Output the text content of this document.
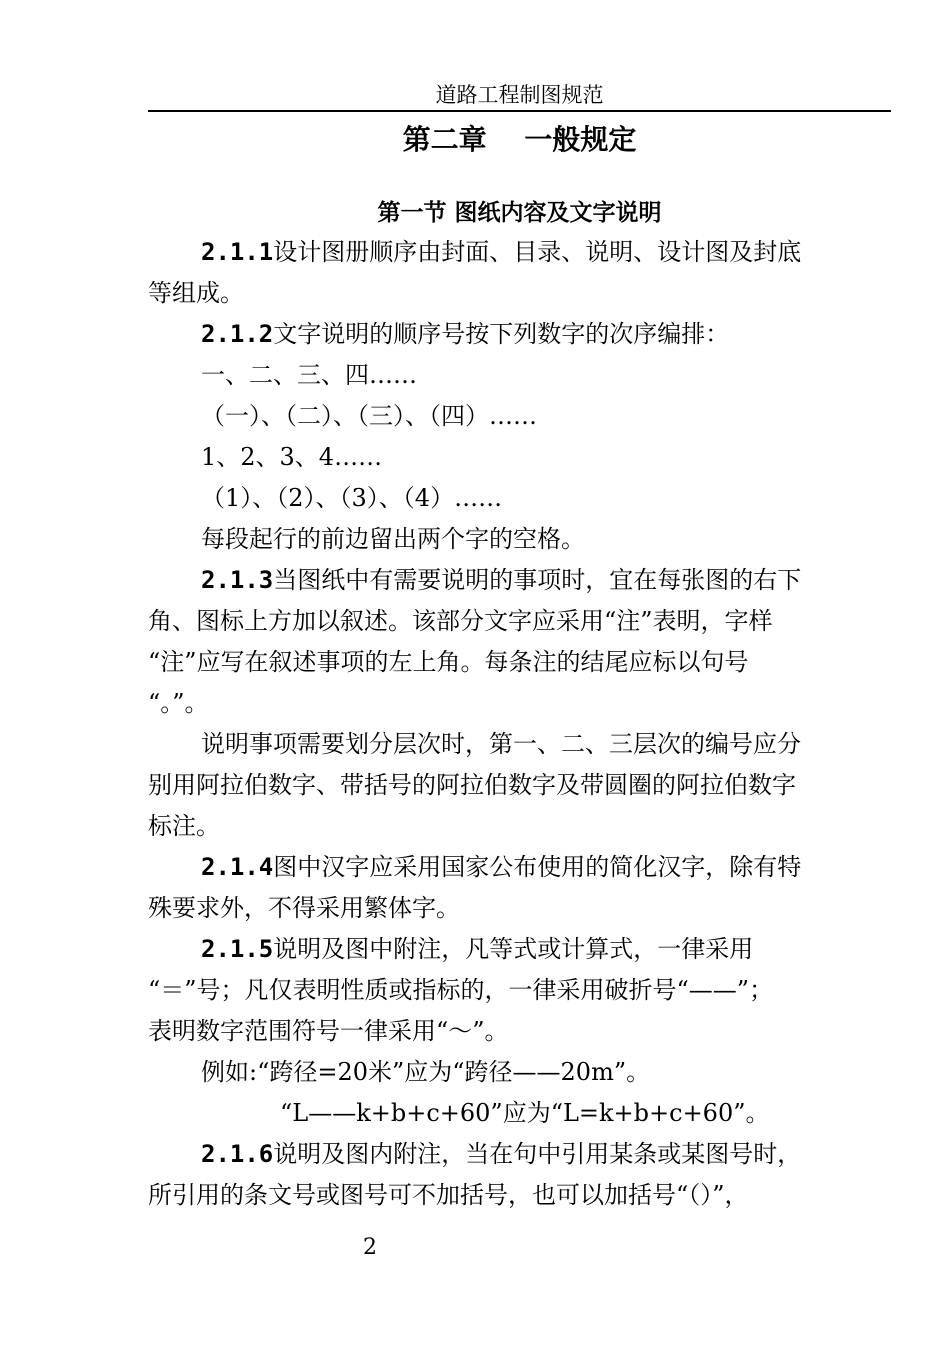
道路工程制图规范
第二章　 一般规定
第一节 图纸内容及文字说明

2.1.1设计图册顺序由封面、目录、说明、设计图及封底

等组成。

2.1.2文字说明的顺序号按下列数字的次序编排：

一、二、三、四……

（一）、（二）、（三）、（四）……

1、2、3、4……

（1）、（2）、（3）、（4）……

每段起行的前边留出两个字的空格。

2.1.3当图纸中有需要说明的事项时，宜在每张图的右下

角、图标上方加以叙述。该部分文字应采用“注”表明，字样

“注”应写在叙述事项的左上角。每条注的结尾应标以句号

“。”。

说明事项需要划分层次时，第一、二、三层次的编号应分

别用阿拉伯数字、带括号的阿拉伯数字及带圆圈的阿拉伯数字

标注。

2.1.4图中汉字应采用国家公布使用的简化汉字，除有特

殊要求外，不得采用繁体字。

2.1.5说明及图中附注，凡等式或计算式，一律采用

“＝”号；凡仅表明性质或指标的，一律采用破折号“——”；

表明数字范围符号一律采用“～”。

例如:“跨径=20米”应为“跨径——20m”。

“L——k+b+c+60”应为“L=k+b+c+60”。

2.1.6说明及图内附注，当在句中引用某条或某图号时，

所引用的条文号或图号可不加括号，也可以加括号“（）”，

2
